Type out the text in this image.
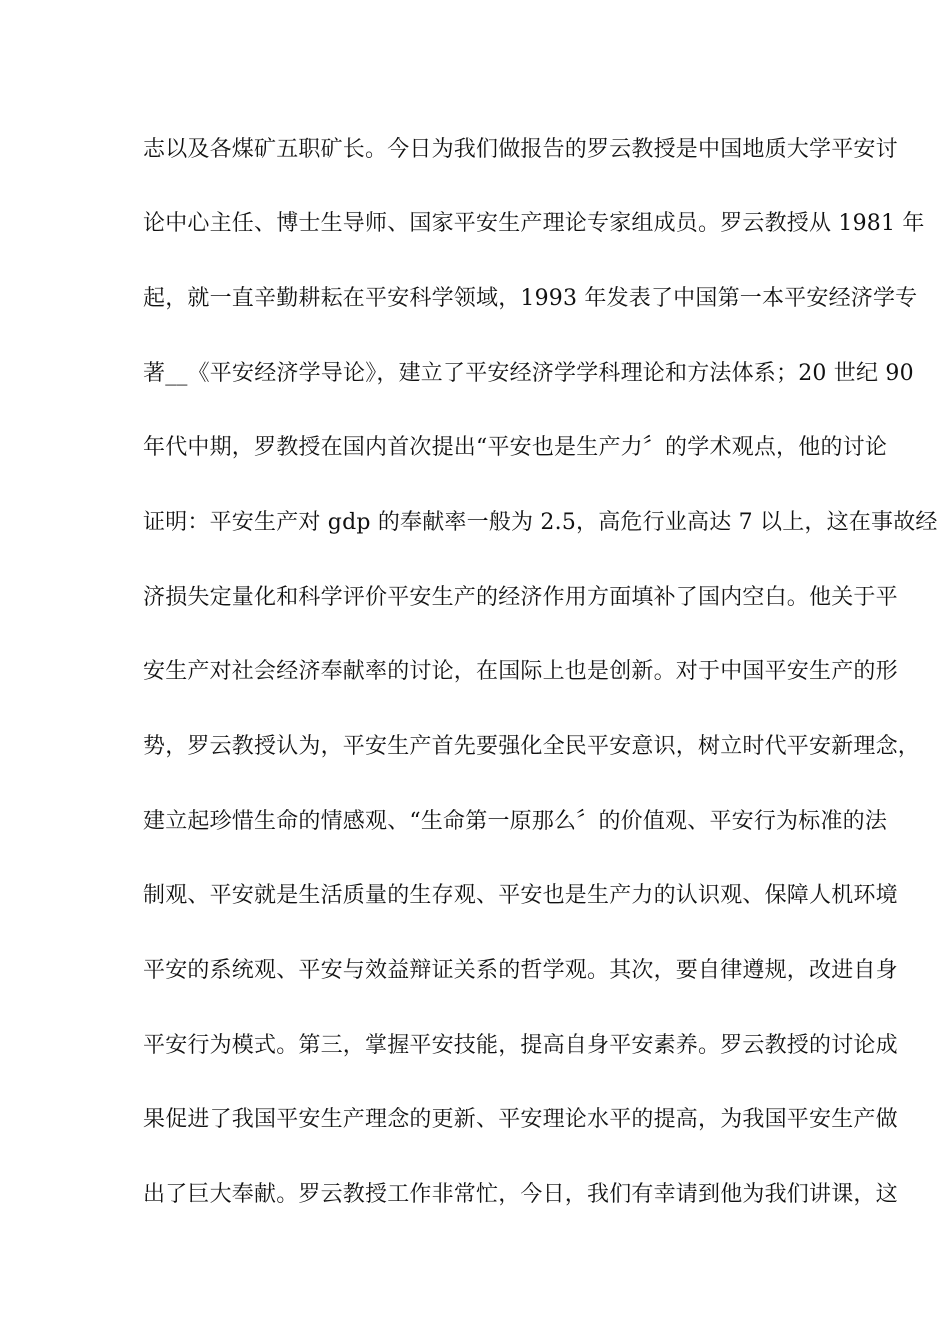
志以及各煤矿五职矿长。今日为我们做报告的罗云教授是中国地质大学平安讨
论中心主任、博士生导师、国家平安生产理论专家组成员。罗云教授从 1981 年
起，就一直辛勤耕耘在平安科学领域，1993 年发表了中国第一本平安经济学专
著__《平安经济学导论》，建立了平安经济学学科理论和方法体系；20 世纪 90
年代中期，罗教授在国内首次提出“平安也是生产力〞的学术观点，他的讨论
证明：平安生产对 gdp 的奉献率一般为 2.5，高危行业高达 7 以上，这在事故经
济损失定量化和科学评价平安生产的经济作用方面填补了国内空白。他关于平
安生产对社会经济奉献率的讨论，在国际上也是创新。对于中国平安生产的形
势，罗云教授认为，平安生产首先要强化全民平安意识，树立时代平安新理念，
建立起珍惜生命的情感观、“生命第一原那么〞的价值观、平安行为标准的法
制观、平安就是生活质量的生存观、平安也是生产力的认识观、保障人机环境
平安的系统观、平安与效益辩证关系的哲学观。其次，要自律遵规，改进自身
平安行为模式。第三，掌握平安技能，提高自身平安素养。罗云教授的讨论成
果促进了我国平安生产理念的更新、平安理论水平的提高，为我国平安生产做
出了巨大奉献。罗云教授工作非常忙，今日，我们有幸请到他为我们讲课，这
